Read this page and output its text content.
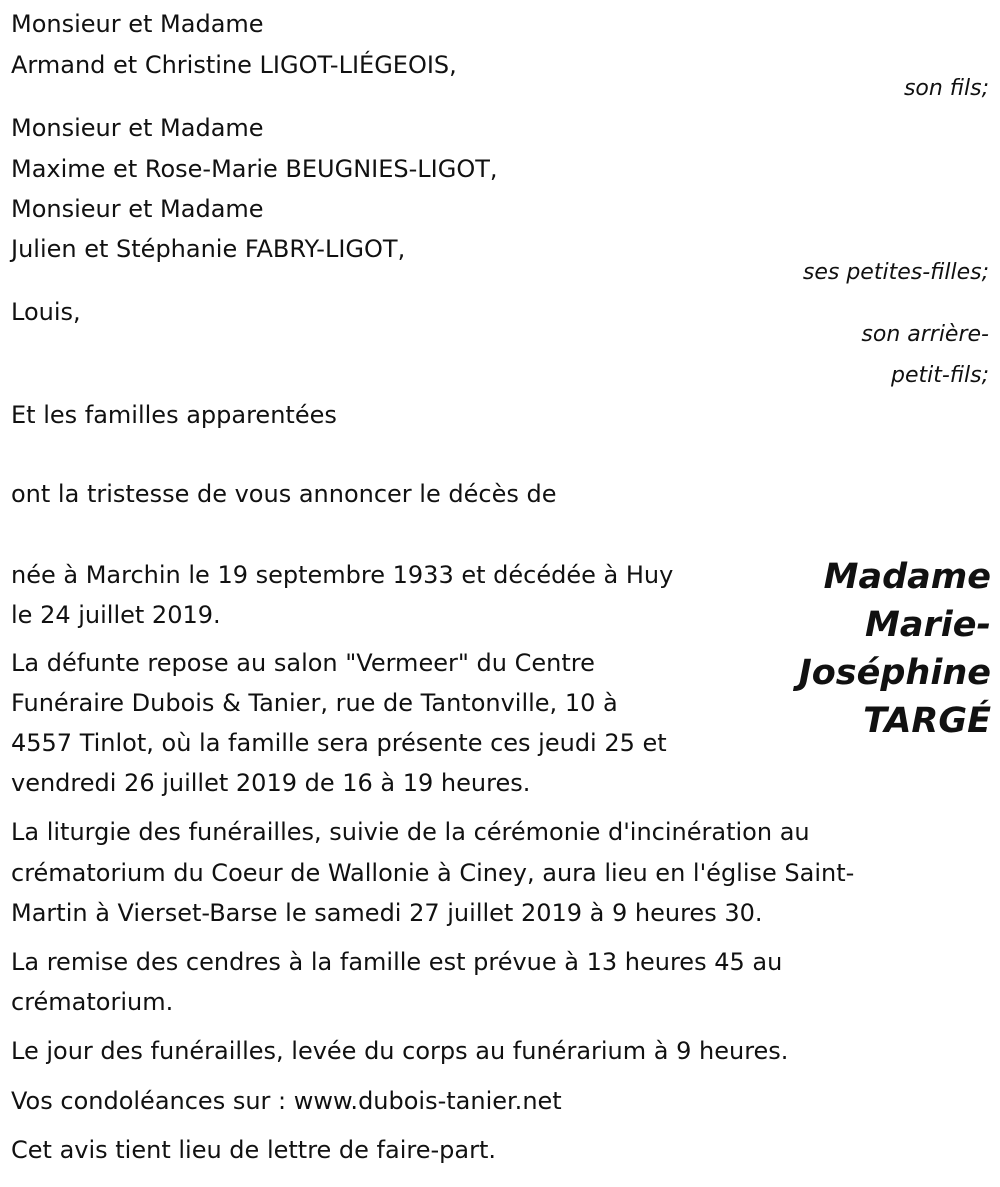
Monsieur et Madame
Armand et Christine LIGOT-LIÉGEOIS,
son fils;
Monsieur et Madame
Maxime et Rose-Marie BEUGNIES-LIGOT,
Monsieur et Madame
Julien et Stéphanie FABRY-LIGOT,
ses petites-filles;
Louis,
son arrière-
petit-fils;
Et les familles apparentées
ont la tristesse de vous annoncer le décès de
Madame
Marie-
Joséphine
TARGÉ
née à Marchin le 19 septembre 1933 et décédée à Huy
le 24 juillet 2019.
La défunte repose au salon "Vermeer" du Centre
Funéraire Dubois & Tanier, rue de Tantonville, 10 à
4557 Tinlot, où la famille sera présente ces jeudi 25 et
vendredi 26 juillet 2019 de 16 à 19 heures.
La liturgie des funérailles, suivie de la cérémonie d'incinération au
crématorium du Coeur de Wallonie à Ciney, aura lieu en l'église Saint-
Martin à Vierset-Barse le samedi 27 juillet 2019 à 9 heures 30.
La remise des cendres à la famille est prévue à 13 heures 45 au
crématorium.
Le jour des funérailles, levée du corps au funérarium à 9 heures.
Vos condoléances sur : www.dubois-tanier.net
Cet avis tient lieu de lettre de faire-part.
